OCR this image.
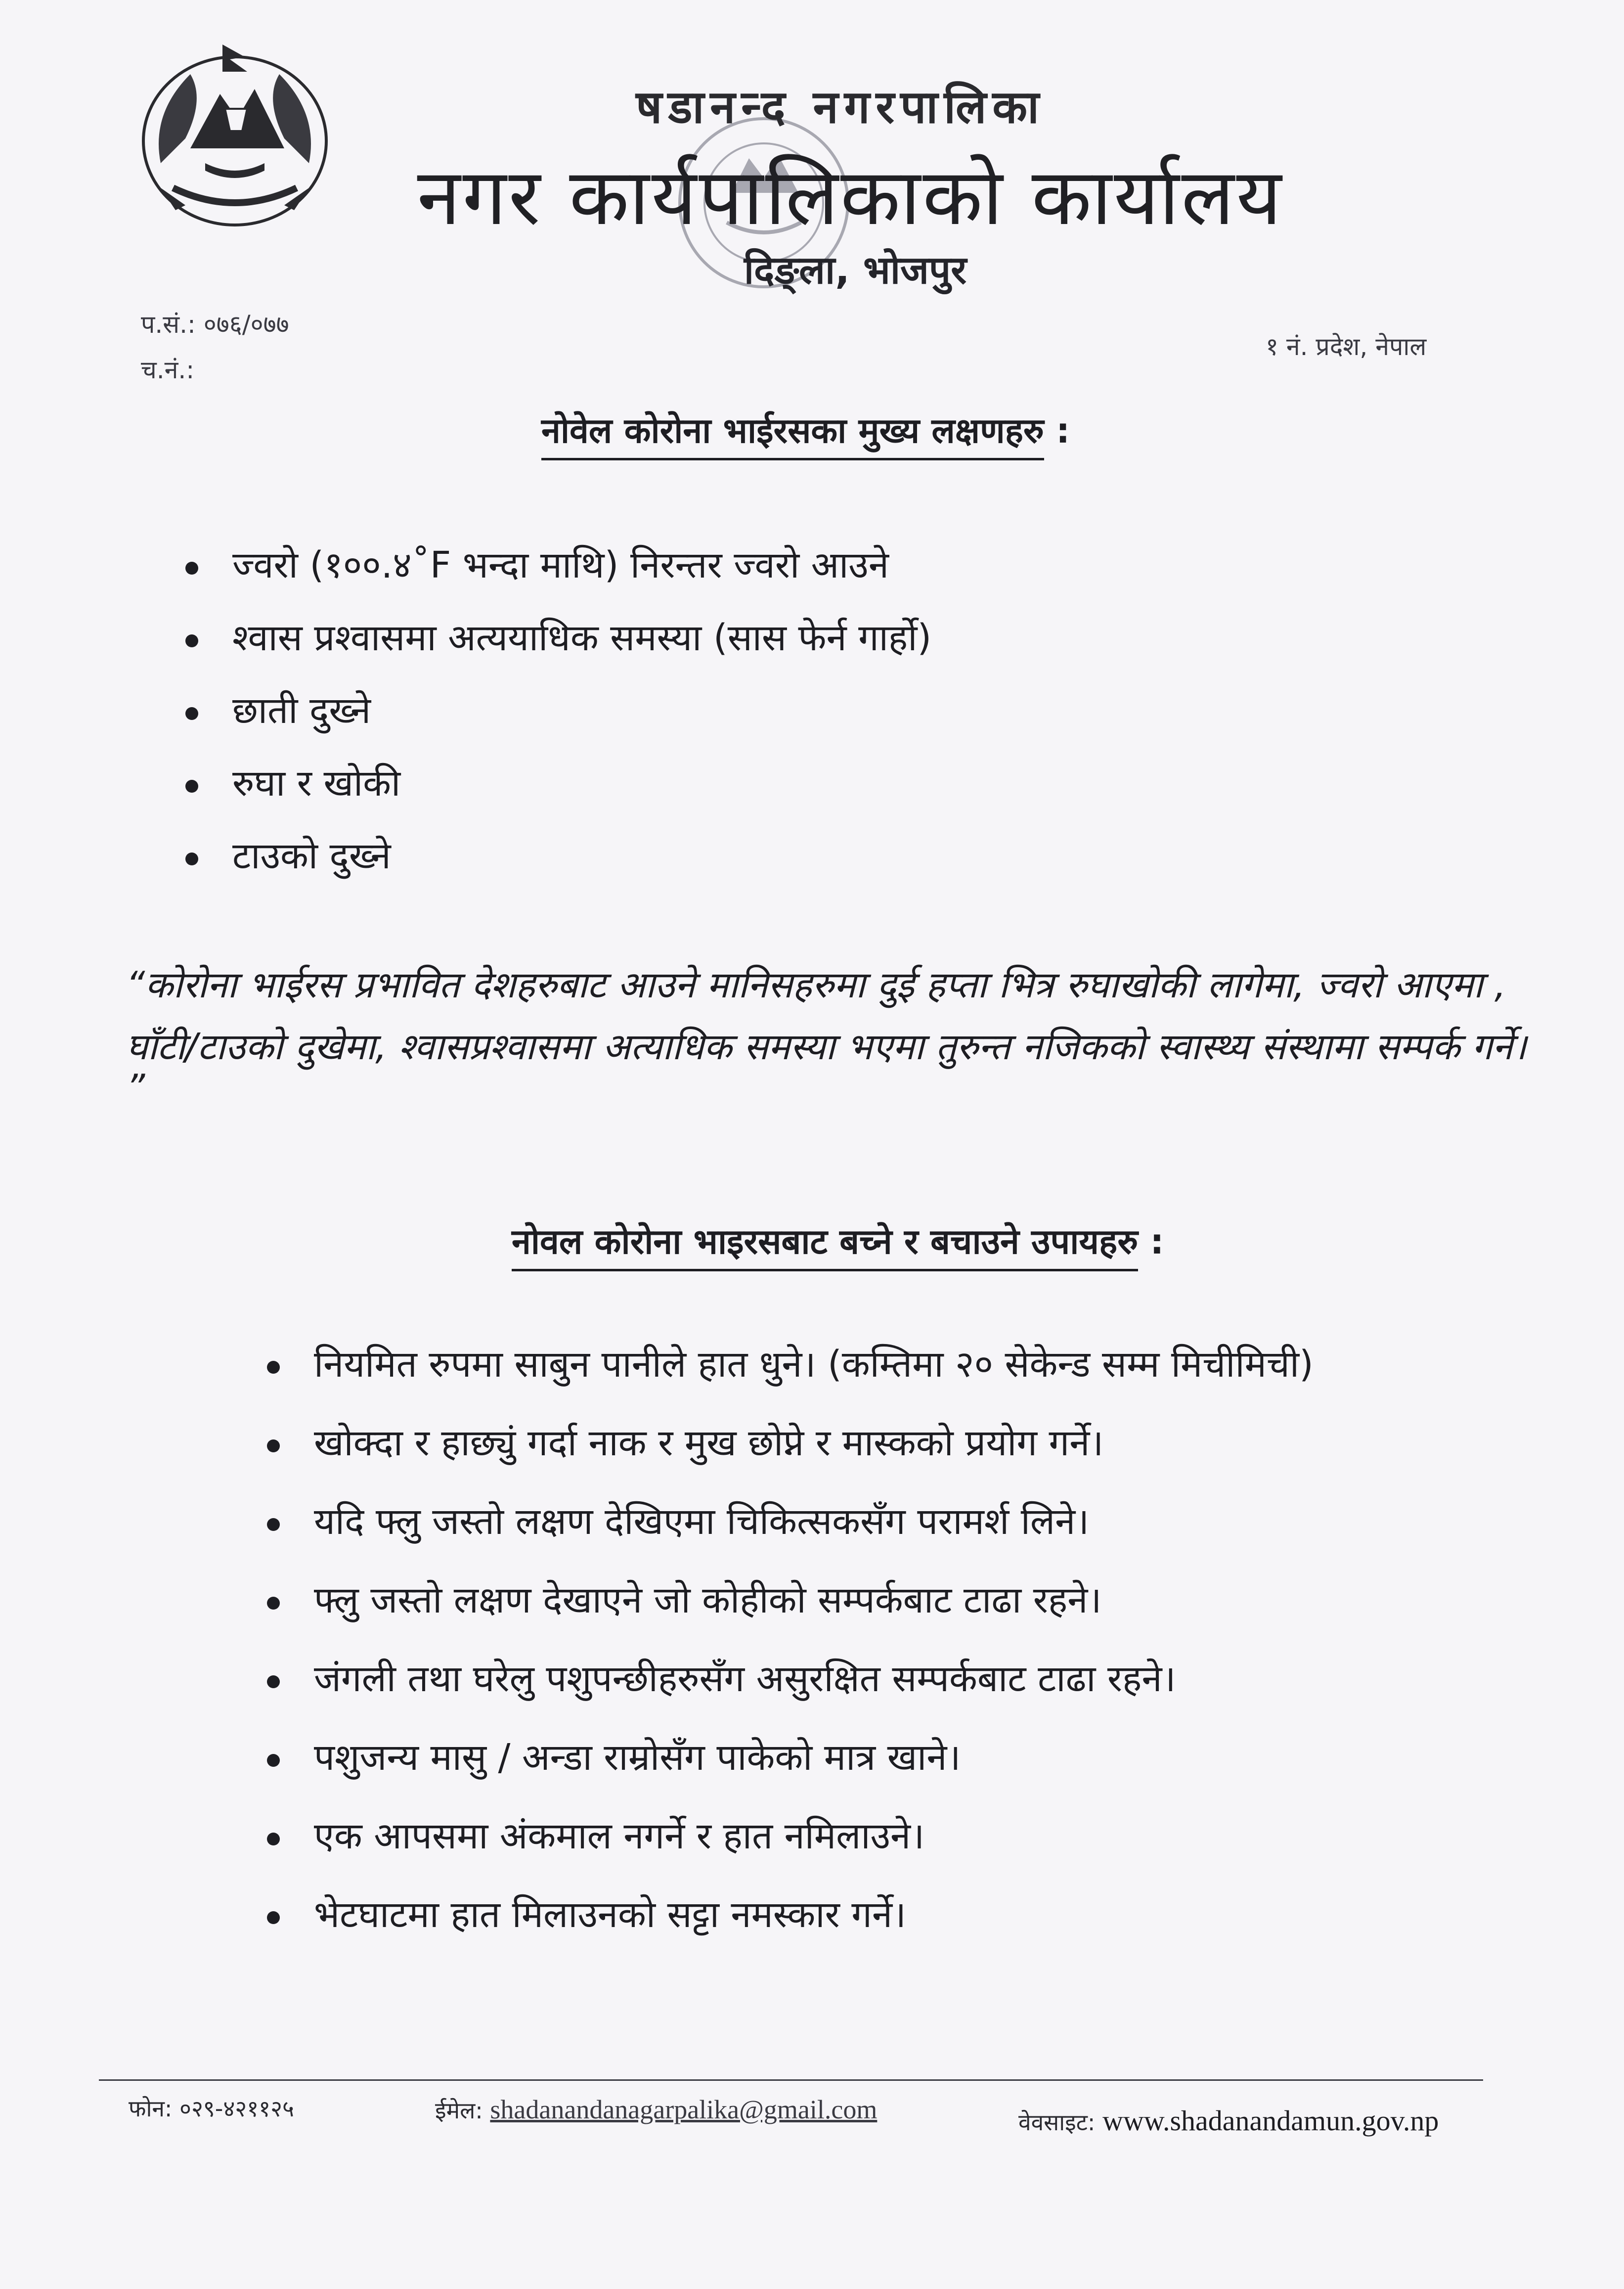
षडानन्द नगरपालिका
नगर कार्यपालिकाको कार्यालय
दिङ्ला, भोजपुर
प.सं.: ०७६/०७७
च.नं.:
१ नं. प्रदेश, नेपाल
नोवेल कोरोना भाईरसका मुख्य लक्षणहरु :
ज्वरो (१००.४˚F भन्दा माथि) निरन्तर ज्वरो आउने
श्वास प्रश्वासमा अत्ययाधिक समस्या (सास फेर्न गार्हो)
छाती दुख्ने
रुघा र खोकी
टाउको दुख्ने
“कोरोना भाईरस प्रभावित देशहरुबाट आउने मानिसहरुमा दुई हप्ता भित्र रुघाखोकी लागेमा, ज्वरो आएमा ,
घाँटी/टाउको दुखेमा, श्वासप्रश्वासमा अत्याधिक समस्या भएमा तुरुन्त नजिकको स्वास्थ्य संस्थामा सम्पर्क गर्ने।
”
नोवल कोरोना भाइरसबाट बच्ने र बचाउने उपायहरु :
नियमित रुपमा साबुन पानीले हात धुने। (कम्तिमा २० सेकेन्ड सम्म मिचीमिची)
खोक्दा र हाछ्युं गर्दा नाक र मुख छोप्ने र मास्कको प्रयोग गर्ने।
यदि फ्लु जस्तो लक्षण देखिएमा चिकित्सकसँग परामर्श लिने।
फ्लु जस्तो लक्षण देखाएने जो कोहीको सम्पर्कबाट टाढा रहने।
जंगली तथा घरेलु पशुपन्छीहरुसँग असुरक्षित सम्पर्कबाट टाढा रहने।
पशुजन्य मासु / अन्डा राम्रोसँग पाकेको मात्र खाने।
एक आपसमा अंकमाल नगर्ने र हात नमिलाउने।
भेटघाटमा हात मिलाउनको सट्टा नमस्कार गर्ने।
फोन: ०२९-४२११२५	ईमेल: shadanandanagarpalika@gmail.com	वेवसाइट: www.shadanandamun.gov.np
